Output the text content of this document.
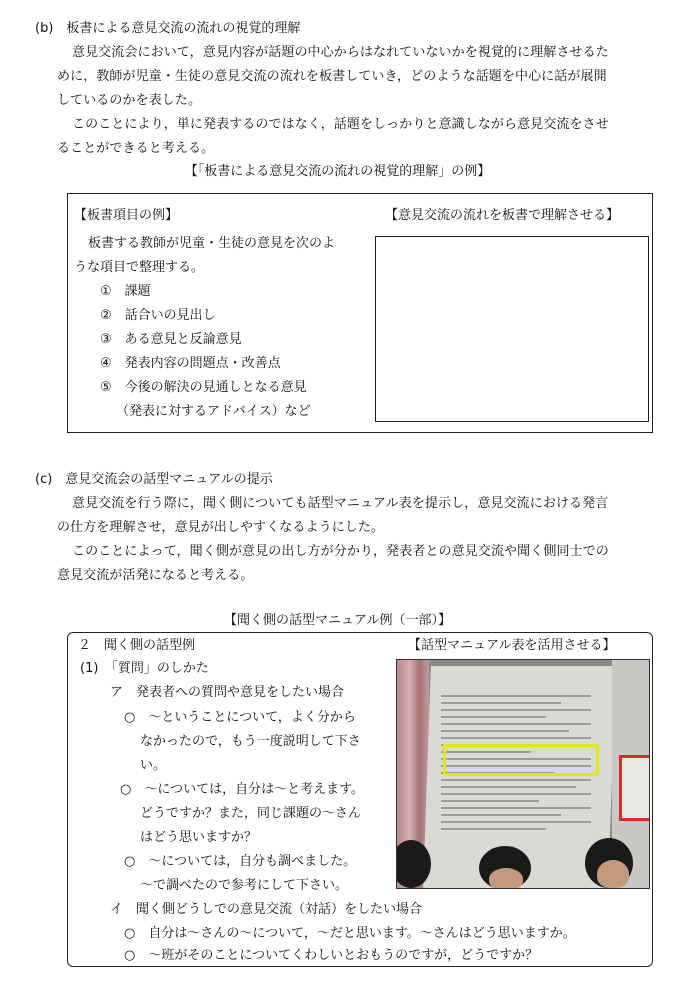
(b)　板書による意見交流の流れの視覚的理解
意見交流会において，意見内容が話題の中心からはなれていないかを視覚的に理解させるた
めに，教師が児童・生徒の意見交流の流れを板書していき，どのような話題を中心に話が展開
しているのかを表した。
このことにより，単に発表するのではなく，話題をしっかりと意識しながら意見交流をさせ
ることができると考える。
【「板書による意見交流の流れの視覚的理解」の例】
【板書項目の例】	【意見交流の流れを板書で理解させる】
板書する教師が児童・生徒の意見を次のよ
うな項目で整理する。
①　課題
②　話合いの見出し
③　ある意見と反論意見
④　発表内容の問題点・改善点
⑤　今後の解決の見通しとなる意見
（発表に対するアドバイス）など
(c)　意見交流会の話型マニュアルの提示
意見交流を行う際に，聞く側についても話型マニュアル表を提示し，意見交流における発言
の仕方を理解させ，意見が出しやすくなるようにした。
このことによって，聞く側が意見の出し方が分かり，発表者との意見交流や聞く側同士での
意見交流が活発になると考える。
【聞く側の話型マニュアル例（一部）】
２　聞く側の話型例	【話型マニュアル表を活用させる】
(1)　「質問」のしかた
ア　発表者への質問や意見をしたい場合
○　～ということについて，よく分から
なかったので，もう一度説明して下さ
い。
○　～については，自分は～と考えます。
どうですか？また，同じ課題の～さん
はどう思いますか？
○　～については，自分も調べました。
～で調べたので参考にして下さい。
イ　聞く側どうしでの意見交流（対話）をしたい場合
○　自分は～さんの～について，～だと思います。～さんはどう思いますか。
○　～班がそのことについてくわしいとおもうのですが，どうですか？
